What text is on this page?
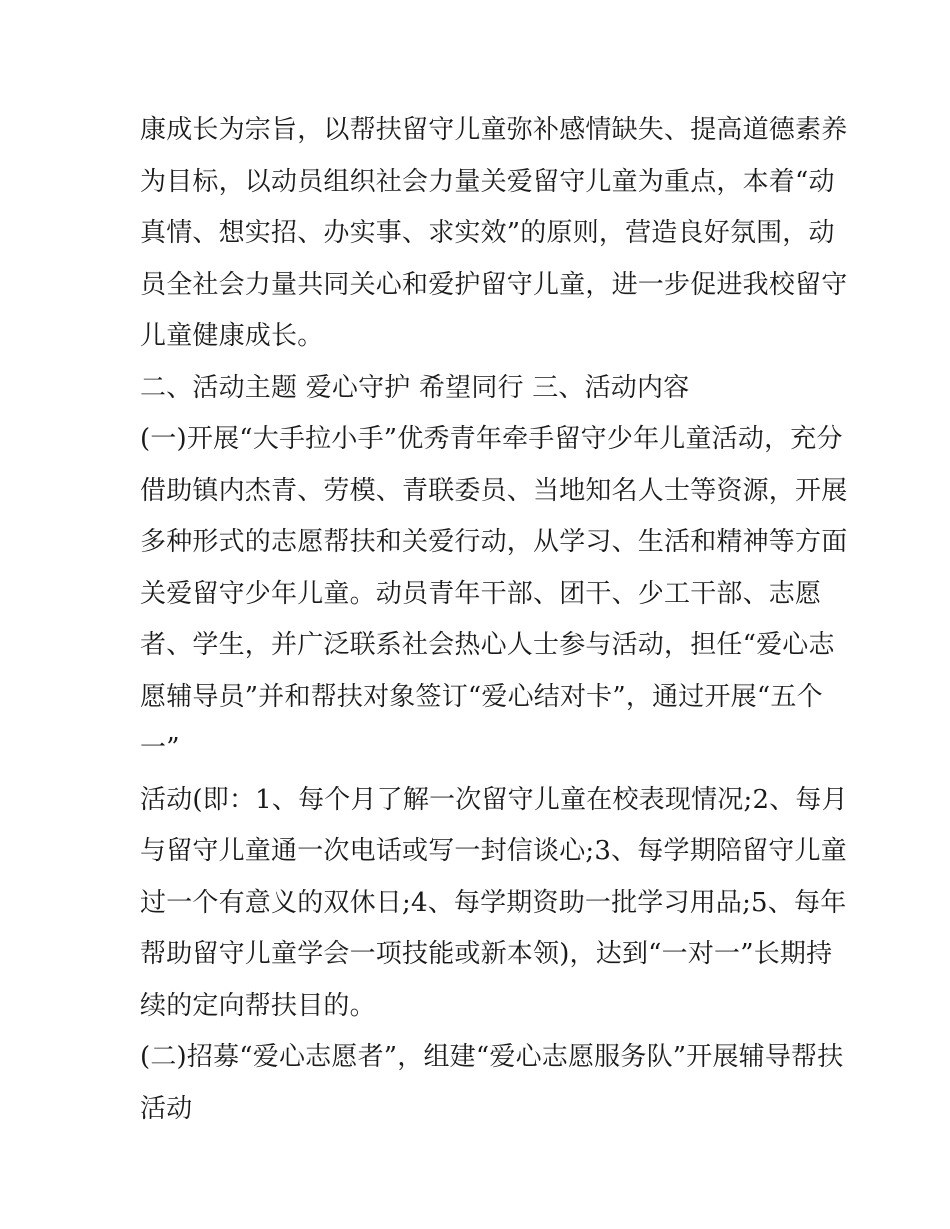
康成长为宗旨，以帮扶留守儿童弥补感情缺失、提高道德素养
为目标，以动员组织社会力量关爱留守儿童为重点，本着“动
真情、想实招、办实事、求实效”的原则，营造良好氛围，动
员全社会力量共同关心和爱护留守儿童，进一步促进我校留守
儿童健康成长。
二、活动主题 爱心守护 希望同行 三、活动内容
(一)开展“大手拉小手”优秀青年牵手留守少年儿童活动，充分
借助镇内杰青、劳模、青联委员、当地知名人士等资源，开展
多种形式的志愿帮扶和关爱行动，从学习、生活和精神等方面
关爱留守少年儿童。动员青年干部、团干、少工干部、志愿
者、学生，并广泛联系社会热心人士参与活动，担任“爱心志
愿辅导员”并和帮扶对象签订“爱心结对卡”，通过开展“五个
一”
活动(即：1、每个月了解一次留守儿童在校表现情况;2、每月
与留守儿童通一次电话或写一封信谈心;3、每学期陪留守儿童
过一个有意义的双休日;4、每学期资助一批学习用品;5、每年
帮助留守儿童学会一项技能或新本领)，达到“一对一”长期持
续的定向帮扶目的。
(二)招募“爱心志愿者”，组建“爱心志愿服务队”开展辅导帮扶
活动
